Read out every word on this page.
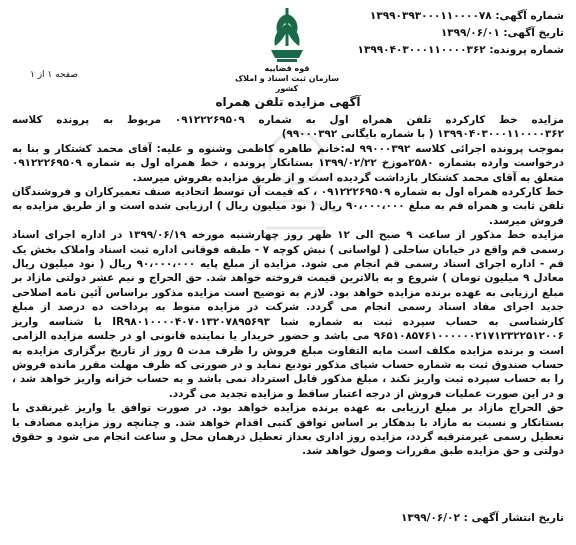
شماره آگهی: ۱۳۹۹۰۳۹۳۰۰۰۱۱۰۰۰۰۷۸
تاریخ آگهی: ۱۳۹۹/۰۶/۰۱
شماره پرونده: ۱۳۹۹۰۴۰۳۰۰۰۱۱۰۰۰۰۳۶۲
قوه قضاییه
سازمان ثبت اسناد و املاک کشور
صفحه ۱ از ۱
آگهی مزایده تلفن همراه

مزایده خط کارکرده تلفن همراه اول به شماره ۰۹۱۲۲۲۶۹۵۰۹ مربوط به پرونده کلاسه ۱۳۹۹۰۴۰۳۰۰۰۱۱۰۰۰۰۳۶۲ ( با شماره بایگانی ۹۹۰۰۰۳۹۲)

بموجب پرونده اجرائی کلاسه ۹۹۰۰۰۳۹۲ له:خانم طاهره کاظمی وشنوه و علیه: آقای محمد کشتکار و بنا به درخواست وارده بشماره ۲۵۸۰موزخ ۱۳۹۹/۰۲/۲۲ بستانکار پرونده ، خط همراه اول به شماره ۰۹۱۲۲۲۶۹۵۰۹ متعلق به آقای محمد کشتکار بازداشت گردیده است و از طریق مزایده بفروش میرسد.

خط کارکرده همراه اول به شماره ۰۹۱۲۲۲۶۹۵۰۹ ، که قیمت آن توسط اتحادیه صنف تعمیرکاران و فروشندگان تلفن ثابت و همراه قم به مبلغ ۹۰،۰۰۰،۰۰۰ ریال ( نود میلیون ریال ) ارزیابی شده است و از طریق مزایده به فروش میرسد.

مزایده خط مذکور از ساعت ۹ صبح الی ۱۲ ظهر روز چهارشنبه مورخه ۱۳۹۹/۰۶/۱۹ در اداره اجرای اسناد رسمی قم واقع در خیابان ساحلی ( لواسانی ) نبش کوچه ۷ - طبقه فوقانی اداره ثبت اسناد واملاک بخش یک قم - اداره اجرای اسناد رسمی قم انجام می شود. مزایده از مبلغ پایه ۹۰،۰۰۰،۰۰۰ ریال ( نود میلیون ریال معادل ۹ میلیون تومان ) شروع و به بالاترین قیمت فروخته خواهد شد. حق الحراج و نیم عشر دولتی مازاد بر مبلغ ارزیابی به عهده برنده مزایده خواهد بود. لازم به توضیح است مزایده مذکور براساس آئین نامه اصلاحی جدید اجرای مفاد اسناد رسمی انجام می گردد. شرکت در مزایده منوط به پرداخت ده درصد از مبلغ کارشناسی به حساب سپرده ثبت به شماره شبا IR۹۸۰۱۰۰۰۰۴۰۷۰۱۳۲۰۷۸۹۵۶۹۳ با شناسه واریز ۹۶۵۱۰۸۵۷۶۱۰۰۰۰۰۰۲۱۷۱۲۳۲۲۵۱۲۰۰۶ می باشد و حضور خریدار یا نماینده قانونی او در جلسه مزایده الزامی است و برنده مزایده مکلف است مابه التفاوت مبلغ فروش را ظرف مدت ۵ روز از تاریخ برگزاری مزایده به حساب صندوق ثبت به شماره حساب شبای مذکور تودیع نماید و در صورتی که ظرف مهلت مقرر مانده فروش را به حساب سپرده ثبت واریز نکند ، مبلغ مذکور قابل استرداد نمی باشد و به حساب خزانه واریز خواهد شد ، و در این صورت عملیات فروش از درجه اعتبار ساقط و مزایده تجدید می گردد.

حق الحراج مازاد بر مبلغ ارزیابی به عهده برنده مزایده خواهد بود. در صورت توافق یا واریز غیرنقدی با بستانکار و نسبت به مازاد با بدهکار بر اساس توافق کتبی اقدام خواهد شد. و چنانچه روز مزایده مصادف با تعطیل رسمی غیرمترقبه گردد، مزایده روز اداری بعداز تعطیل درهمان محل و ساعت انجام می شود و حقوق دولتی و حق مزایده طبق مقررات وصول خواهد شد.

تاریخ انتشار آگهی : ۱۳۹۹/۰۶/۰۲
